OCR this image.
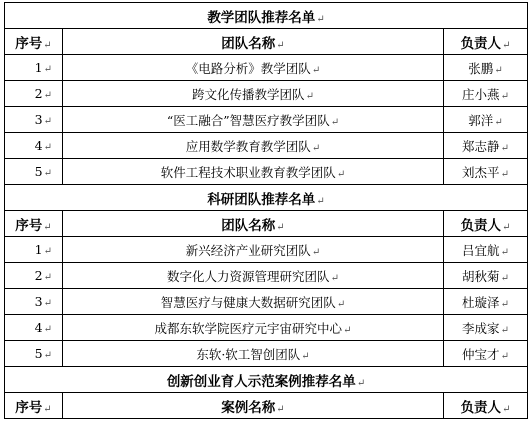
教学团队推荐名单↵		
序号↵	团队名称↵	负责人↵
1↵	《电路分析》教学团队↵	张鹏↵
2↵	跨文化传播教学团队↵	庄小燕↵
3↵	“医工融合”智慧医疗教学团队↵	郭洋↵
4↵	应用数学教育教学团队↵	郑志静↵
5↵	软件工程技术职业教育教学团队↵	刘杰平↵
科研团队推荐名单↵		
序号↵	团队名称↵	负责人↵
1↵	新兴经济产业研究团队↵	吕宜航↵
2↵	数字化人力资源管理研究团队↵	胡秋菊↵
3↵	智慧医疗与健康大数据研究团队↵	杜璇泽↵
4↵	成都东软学院医疗元宇宙研究中心↵	李成家↵
5↵	东软·软工智创团队↵	仲宝才↵
创新创业育人示范案例推荐名单↵		
序号↵	案例名称↵	负责人↵
